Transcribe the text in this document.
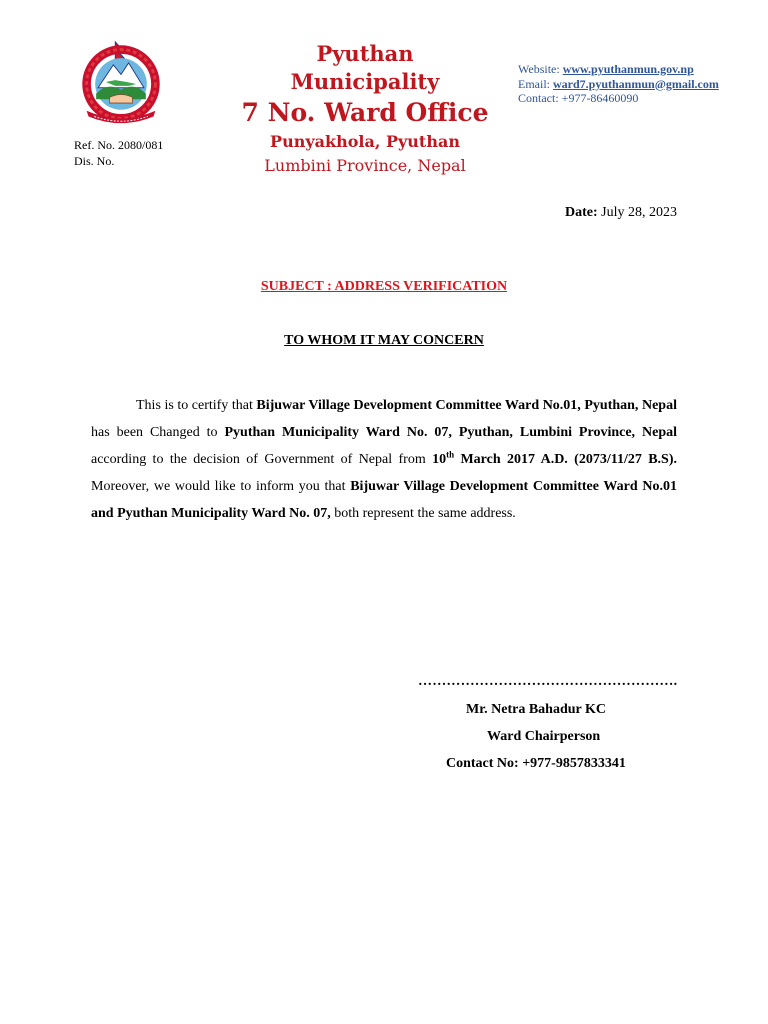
Pyuthan Municipality
7 No. Ward Office
Punyakhola, Pyuthan
Lumbini Province, Nepal
Website: www.pyuthanmun.gov.np
Email: ward7.pyuthanmun@gmail.com
Contact: +977-86460090
Ref. No. 2080/081
Dis. No.
Date: July 28, 2023
SUBJECT : ADDRESS VERIFICATION
TO WHOM IT MAY CONCERN
This is to certify that Bijuwar Village Development Committee Ward No.01, Pyuthan, Nepal has been Changed to Pyuthan Municipality Ward No. 07, Pyuthan, Lumbini Province, Nepal according to the decision of Government of Nepal from 10th March 2017 A.D. (2073/11/27 B.S). Moreover, we would like to inform you that Bijuwar Village Development Committee Ward No.01 and Pyuthan Municipality Ward No. 07, both represent the same address.
……………………………………………….
Mr. Netra Bahadur KC
Ward Chairperson
Contact No: +977-9857833341
